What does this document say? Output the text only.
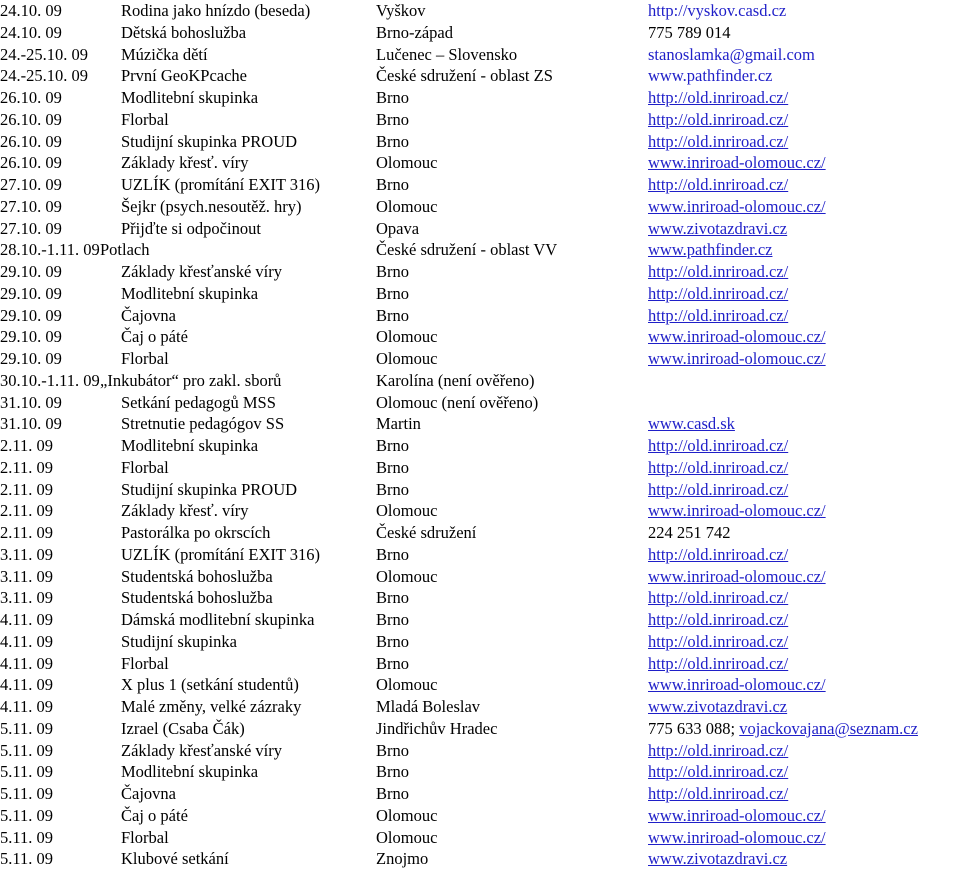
24.10. 09	Rodina jako hnízdo (beseda)	Vyškov	http://vyskov.casd.cz
24.10. 09	Dětská bohoslužba	Brno-západ	775 789 014
24.-25.10. 09 Múzička dětí	Lučenec – Slovensko	stanoslamka@gmail.com
24.-25.10. 09 První GeoKPcache	České sdružení - oblast ZS	www.pathfinder.cz
26.10. 09	Modlitební skupinka	Brno	http://old.inriroad.cz/
26.10. 09	Florbal	Brno	http://old.inriroad.cz/
26.10. 09	Studijní skupinka PROUD	Brno	http://old.inriroad.cz/
26.10. 09	Základy křesť. víry	Olomouc	www.inriroad-olomouc.cz/
27.10. 09	UZLÍK (promítání EXIT 316)	Brno	http://old.inriroad.cz/
27.10. 09	Šejkr (psych.nesoutěž. hry)	Olomouc	www.inriroad-olomouc.cz/
27.10. 09	Přijďte si odpočinout	Opava	www.zivotazdravi.cz
28.10.-1.11. 09 Potlach	České sdružení - oblast VV	www.pathfinder.cz
29.10. 09	Základy křesťanské víry	Brno	http://old.inriroad.cz/
29.10. 09	Modlitební skupinka	Brno	http://old.inriroad.cz/
29.10. 09	Čajovna	Brno	http://old.inriroad.cz/
29.10. 09	Čaj o páté	Olomouc	www.inriroad-olomouc.cz/
29.10. 09	Florbal	Olomouc	www.inriroad-olomouc.cz/
30.10.-1.11. 09 „Inkubátor“ pro zakl. sborů	Karolína (není ověřeno)
31.10. 09	Setkání pedagogů MSS	Olomouc (není ověřeno)
31.10. 09	Stretnutie pedagógov SS	Martin	www.casd.sk
2.11. 09	Modlitební skupinka	Brno	http://old.inriroad.cz/
2.11. 09	Florbal	Brno	http://old.inriroad.cz/
2.11. 09	Studijní skupinka PROUD	Brno	http://old.inriroad.cz/
2.11. 09	Základy křesť. víry	Olomouc	www.inriroad-olomouc.cz/
2.11. 09	Pastorálka po okrscích	České sdružení	224 251 742
3.11. 09	UZLÍK (promítání EXIT 316)	Brno	http://old.inriroad.cz/
3.11. 09	Studentská bohoslužba	Olomouc	www.inriroad-olomouc.cz/
3.11. 09	Studentská bohoslužba	Brno	http://old.inriroad.cz/
4.11. 09	Dámská modlitební skupinka	Brno	http://old.inriroad.cz/
4.11. 09	Studijní skupinka	Brno	http://old.inriroad.cz/
4.11. 09	Florbal	Brno	http://old.inriroad.cz/
4.11. 09	X plus 1 (setkání studentů)	Olomouc	www.inriroad-olomouc.cz/
4.11. 09	Malé změny, velké zázraky	Mladá Boleslav	www.zivotazdravi.cz
5.11. 09	Izrael (Csaba Čák)	Jindřichův Hradec	775 633 088; vojackovajana@seznam.cz
5.11. 09	Základy křesťanské víry	Brno	http://old.inriroad.cz/
5.11. 09	Modlitební skupinka	Brno	http://old.inriroad.cz/
5.11. 09	Čajovna	Brno	http://old.inriroad.cz/
5.11. 09	Čaj o páté	Olomouc	www.inriroad-olomouc.cz/
5.11. 09	Florbal	Olomouc	www.inriroad-olomouc.cz/
5.11. 09	Klubové setkání	Znojmo	www.zivotazdravi.cz
